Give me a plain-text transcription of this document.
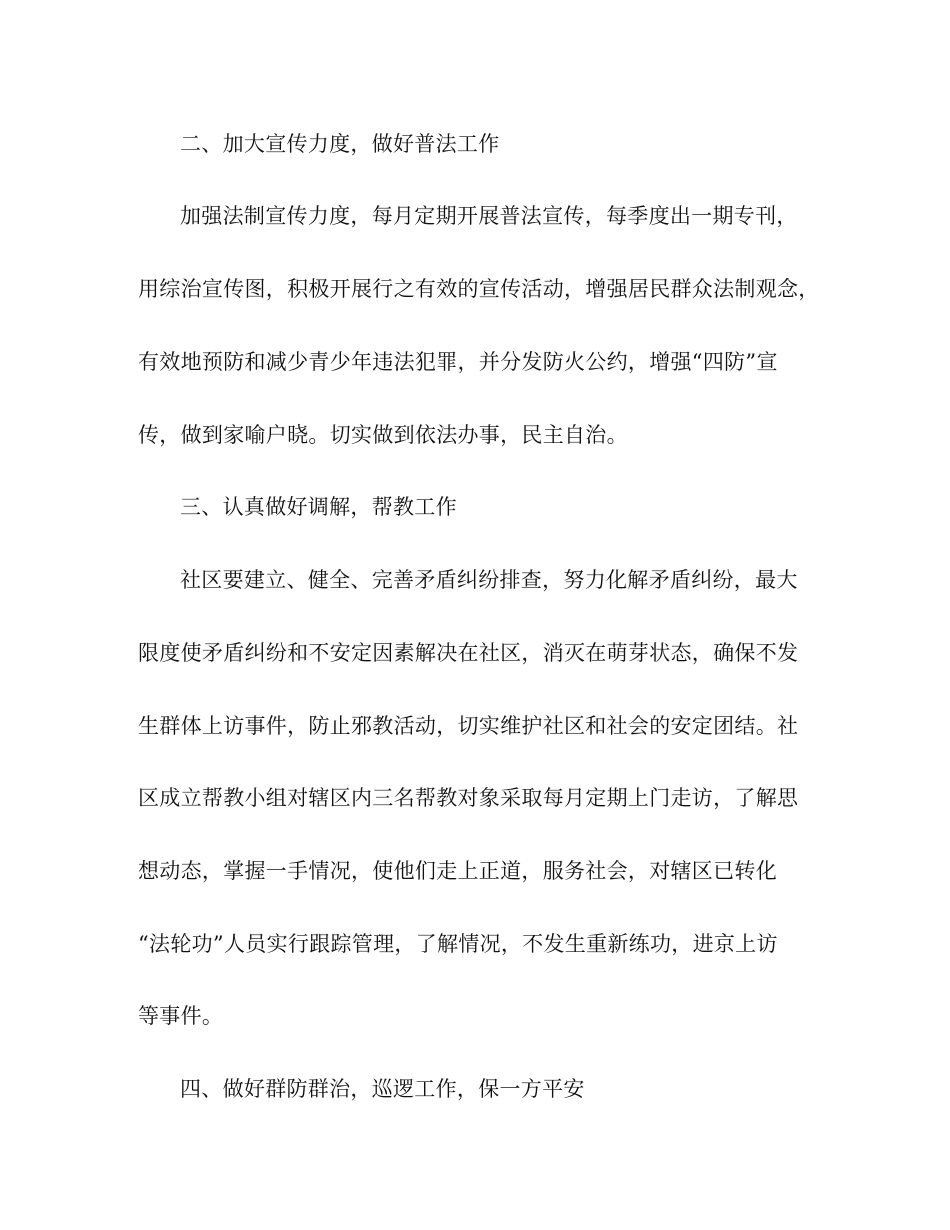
二、加大宣传力度，做好普法工作
加强法制宣传力度，每月定期开展普法宣传，每季度出一期专刊，
用综治宣传图，积极开展行之有效的宣传活动，增强居民群众法制观念，
有效地预防和减少青少年违法犯罪，并分发防火公约，增强“四防”宣
传，做到家喻户晓。切实做到依法办事，民主自治。
三、认真做好调解，帮教工作
社区要建立、健全、完善矛盾纠纷排查，努力化解矛盾纠纷，最大
限度使矛盾纠纷和不安定因素解决在社区，消灭在萌芽状态，确保不发
生群体上访事件，防止邪教活动，切实维护社区和社会的安定团结。社
区成立帮教小组对辖区内三名帮教对象采取每月定期上门走访，了解思
想动态，掌握一手情况，使他们走上正道，服务社会，对辖区已转化
“法轮功”人员实行跟踪管理，了解情况，不发生重新练功，进京上访
等事件。
四、做好群防群治，巡逻工作，保一方平安
